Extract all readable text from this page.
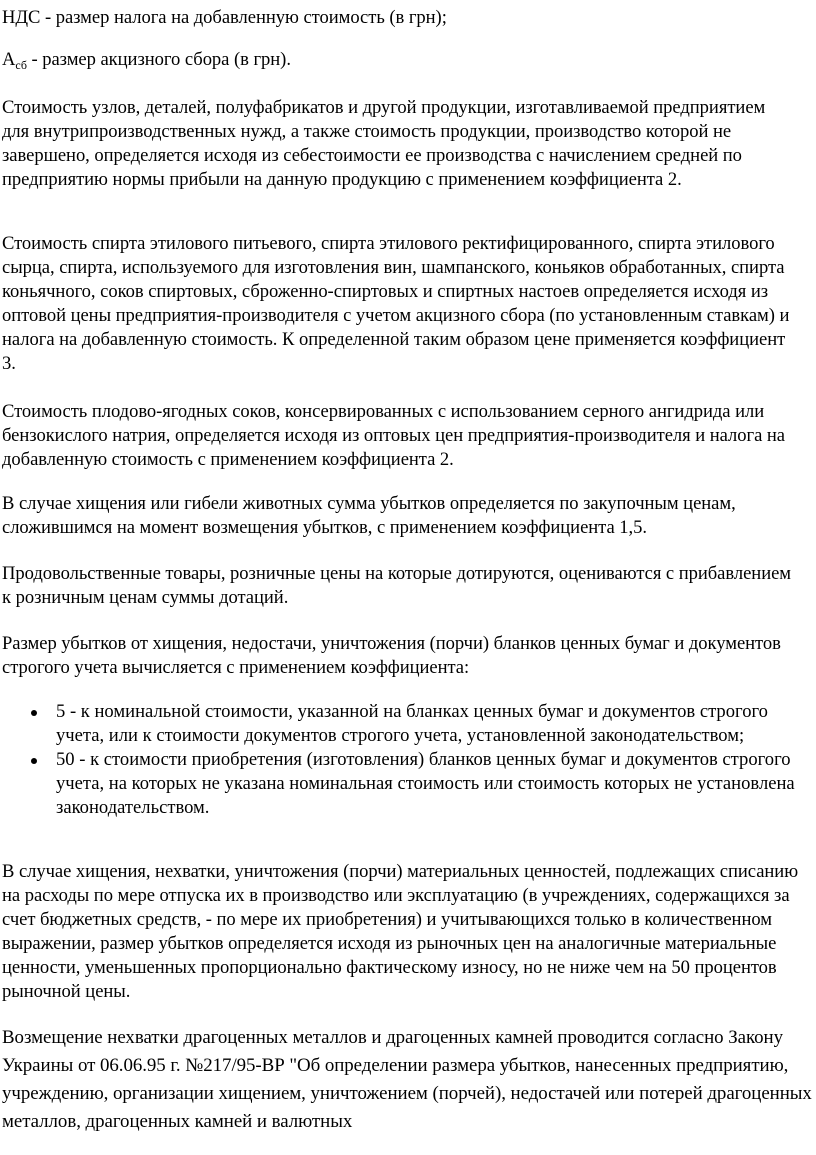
НДС - размер налога на добавленную стоимость (в грн);

$А_{сб}$ - размер акцизного сбора (в грн).

Стоимость узлов, деталей, полуфабрикатов и другой продукции, изготавливаемой предприятием для внутрипроизводственных нужд, а также стоимость продукции, производство которой не завершено, определяется исходя из себестоимости ее производства с начислением средней по предприятию нормы прибыли на данную продукцию с применением коэффициента 2.

Стоимость спирта этилового питьевого, спирта этилового ректифицированного, спирта этилового сырца, спирта, используемого для изготовления вин, шампанского, коньяков обработанных, спирта коньячного, соков спиртовых, сброженно-спиртовых и спиртных настоев определяется исходя из оптовой цены предприятия-производителя с учетом акцизного сбора (по установленным ставкам) и налога на добавленную стоимость. К определенной таким образом цене применяется коэффициент 3.

Стоимость плодово-ягодных соков, консервированных с использованием серного ангидрида или бензокислого натрия, определяется исходя из оптовых цен предприятия-производителя и налога на добавленную стоимость с применением коэффициента 2.

В случае хищения или гибели животных сумма убытков определяется по закупочным ценам, сложившимся на момент возмещения убытков, с применением коэффициента 1,5.

Продовольственные товары, розничные цены на которые дотируются, оцениваются с прибавлением к розничным ценам суммы дотаций.

Размер убытков от хищения, недостачи, уничтожения (порчи) бланков ценных бумаг и документов строгого учета вычисляется с применением коэффициента:

5 - к номинальной стоимости, указанной на бланках ценных бумаг и документов строгого учета, или к стоимости документов строгого учета, установленной законодательством;
50 - к стоимости приобретения (изготовления) бланков ценных бумаг и документов строгого учета, на которых не указана номинальная стоимость или стоимость которых не установлена законодательством.

В случае хищения, нехватки, уничтожения (порчи) материальных ценностей, подлежащих списанию на расходы по мере отпуска их в производство или эксплуатацию (в учреждениях, содержащихся за счет бюджетных средств, - по мере их приобретения) и учитывающихся только в количественном выражении, размер убытков определяется исходя из рыночных цен на аналогичные материальные ценности, уменьшенных пропорционально фактическому износу, но не ниже чем на 50 процентов рыночной цены.

Возмещение нехватки драгоценных металлов и драгоценных камней проводится согласно Закону Украины от 06.06.95 г. №217/95-ВР "Об определении размера убытков, нанесенных предприятию, учреждению, организации хищением, уничтожением (порчей), недостачей или потерей драгоценных металлов, драгоценных камней и валютных
